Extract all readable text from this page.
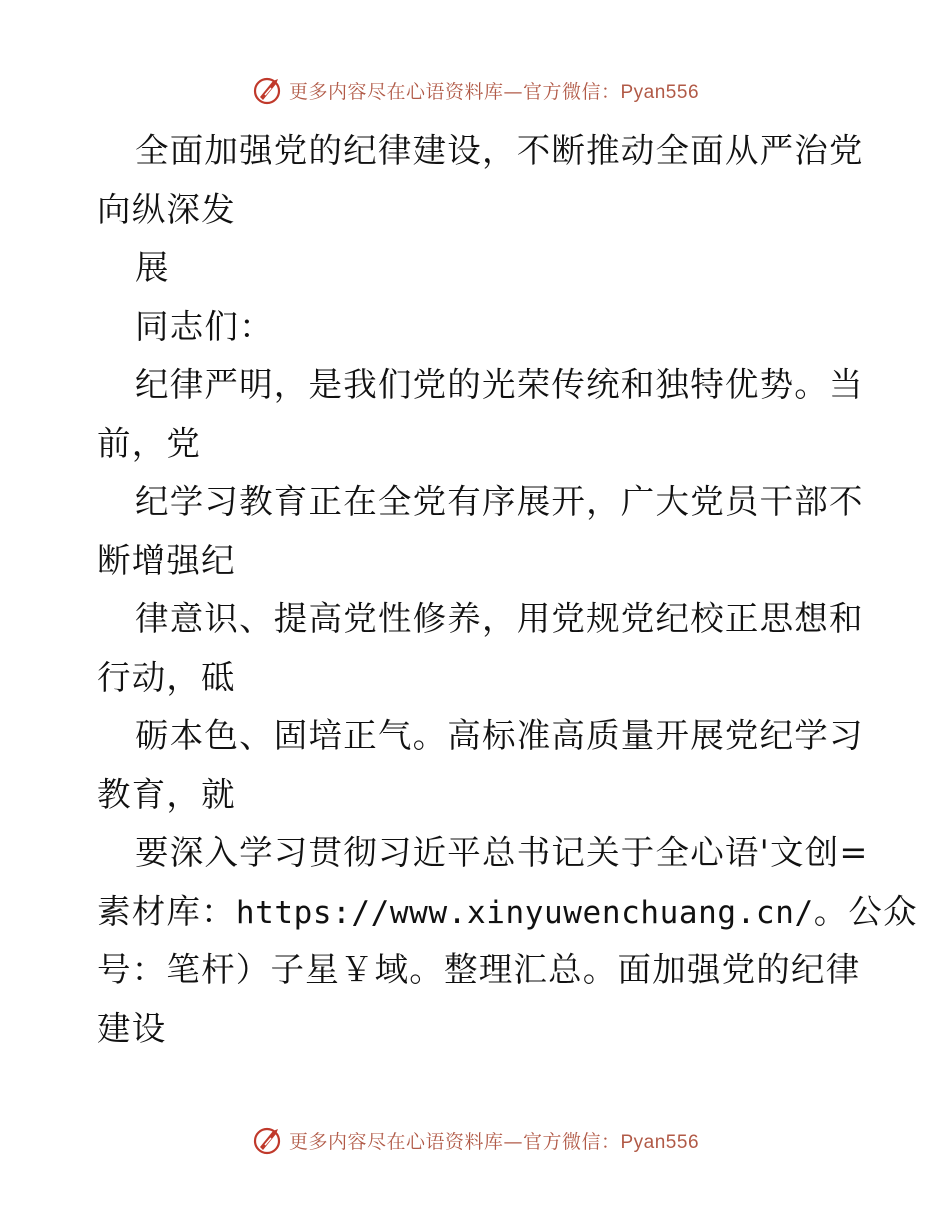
更多内容尽在心语资料库—官方微信：Pyan556
全面加强党的纪律建设，不断推动全面从严治党
向纵深发
展
同志们：
纪律严明，是我们党的光荣传统和独特优势。当
前，党
纪学习教育正在全党有序展开，广大党员干部不
断增强纪
律意识、提高党性修养，用党规党纪校正思想和
行动，砥
砺本色、固培正气。高标准高质量开展党纪学习
教育，就
要深入学习贯彻习近平总书记关于全心语'文创=
素材库：https://www.xinyuwenchuang.cn/。公众
号：笔杆）子星￥域。整理汇总。面加强党的纪律
建设
更多内容尽在心语资料库—官方微信：Pyan556
